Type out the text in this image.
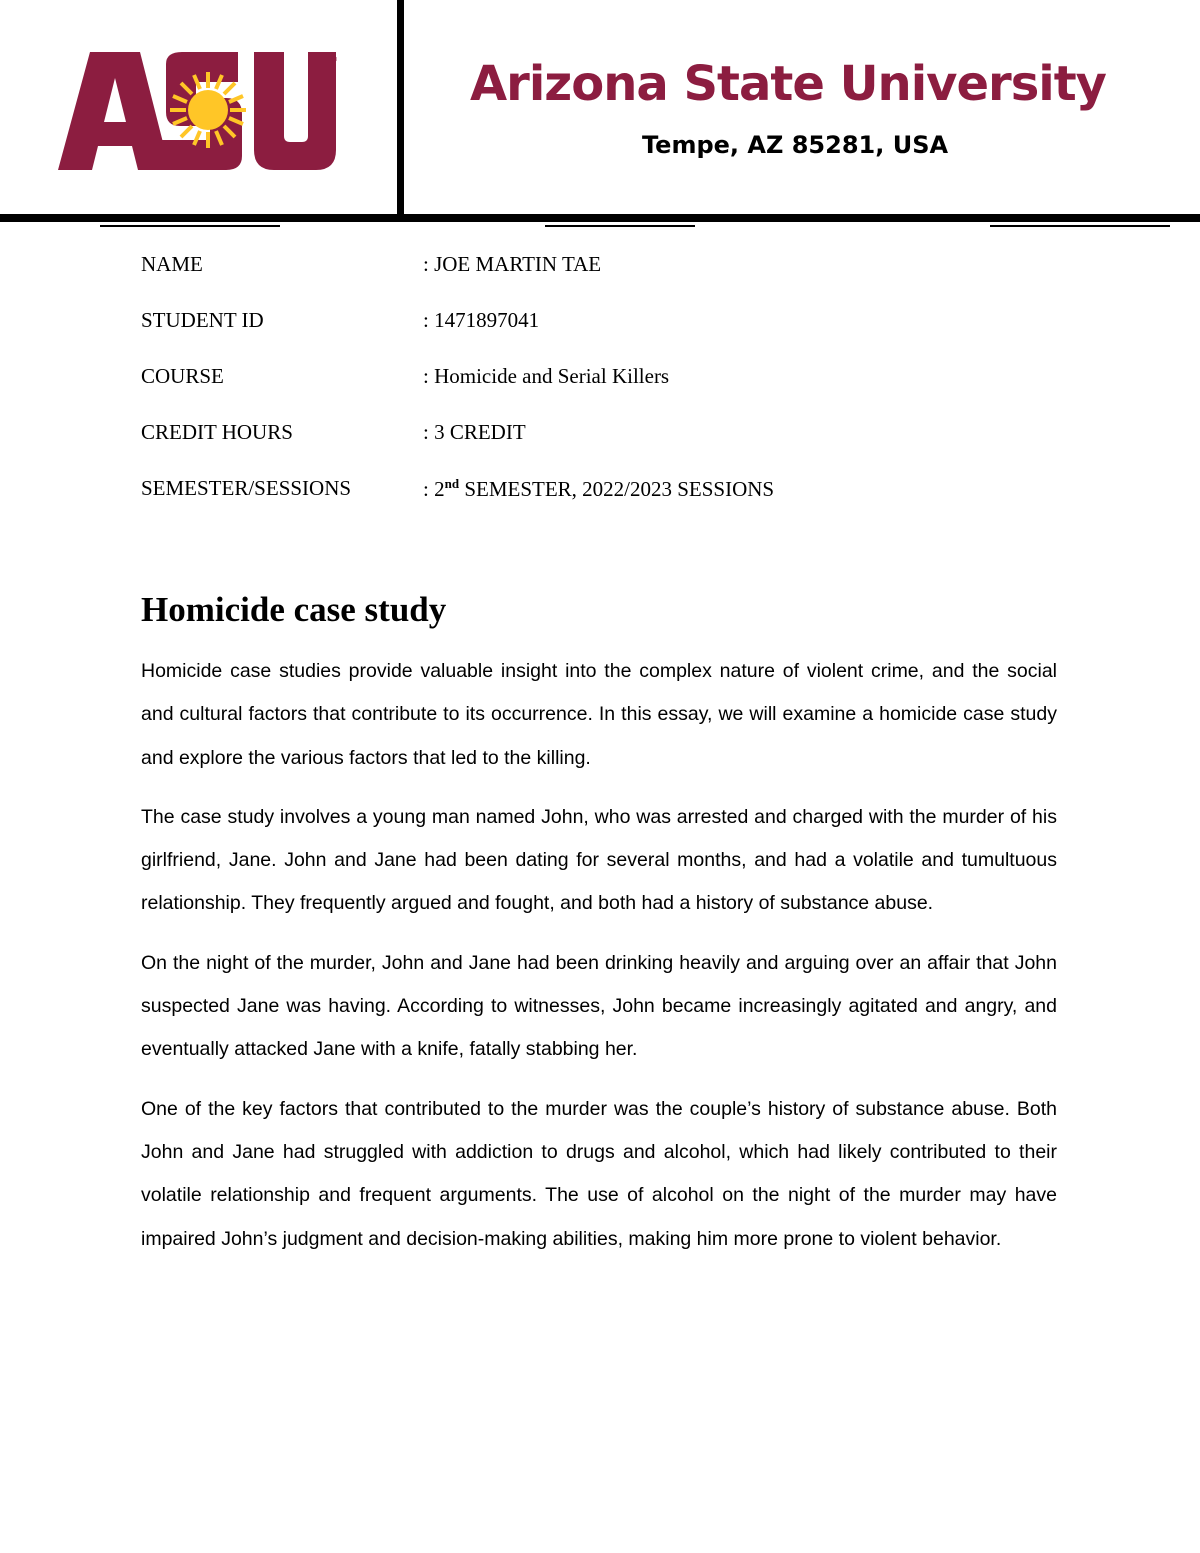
®	Arizona State University
Tempe, AZ 85281, USA
NAME	: JOE MARTIN TAE
STUDENT ID	: 1471897041
COURSE	: Homicide and Serial Killers
CREDIT HOURS	: 3 CREDIT
SEMESTER/SESSIONS	: 2nd SEMESTER, 2022/2023 SESSIONS
Homicide case study

Homicide case studies provide valuable insight into the complex nature of violent crime, and the social and cultural factors that contribute to its occurrence. In this essay, we will examine a homicide case study and explore the various factors that led to the killing.

The case study involves a young man named John, who was arrested and charged with the murder of his girlfriend, Jane. John and Jane had been dating for several months, and had a volatile and tumultuous relationship. They frequently argued and fought, and both had a history of substance abuse.

On the night of the murder, John and Jane had been drinking heavily and arguing over an affair that John suspected Jane was having. According to witnesses, John became increasingly agitated and angry, and eventually attacked Jane with a knife, fatally stabbing her.

One of the key factors that contributed to the murder was the couple’s history of substance abuse. Both John and Jane had struggled with addiction to drugs and alcohol, which had likely contributed to their volatile relationship and frequent arguments. The use of alcohol on the night of the murder may have impaired John’s judgment and decision-making abilities, making him more prone to violent behavior.
